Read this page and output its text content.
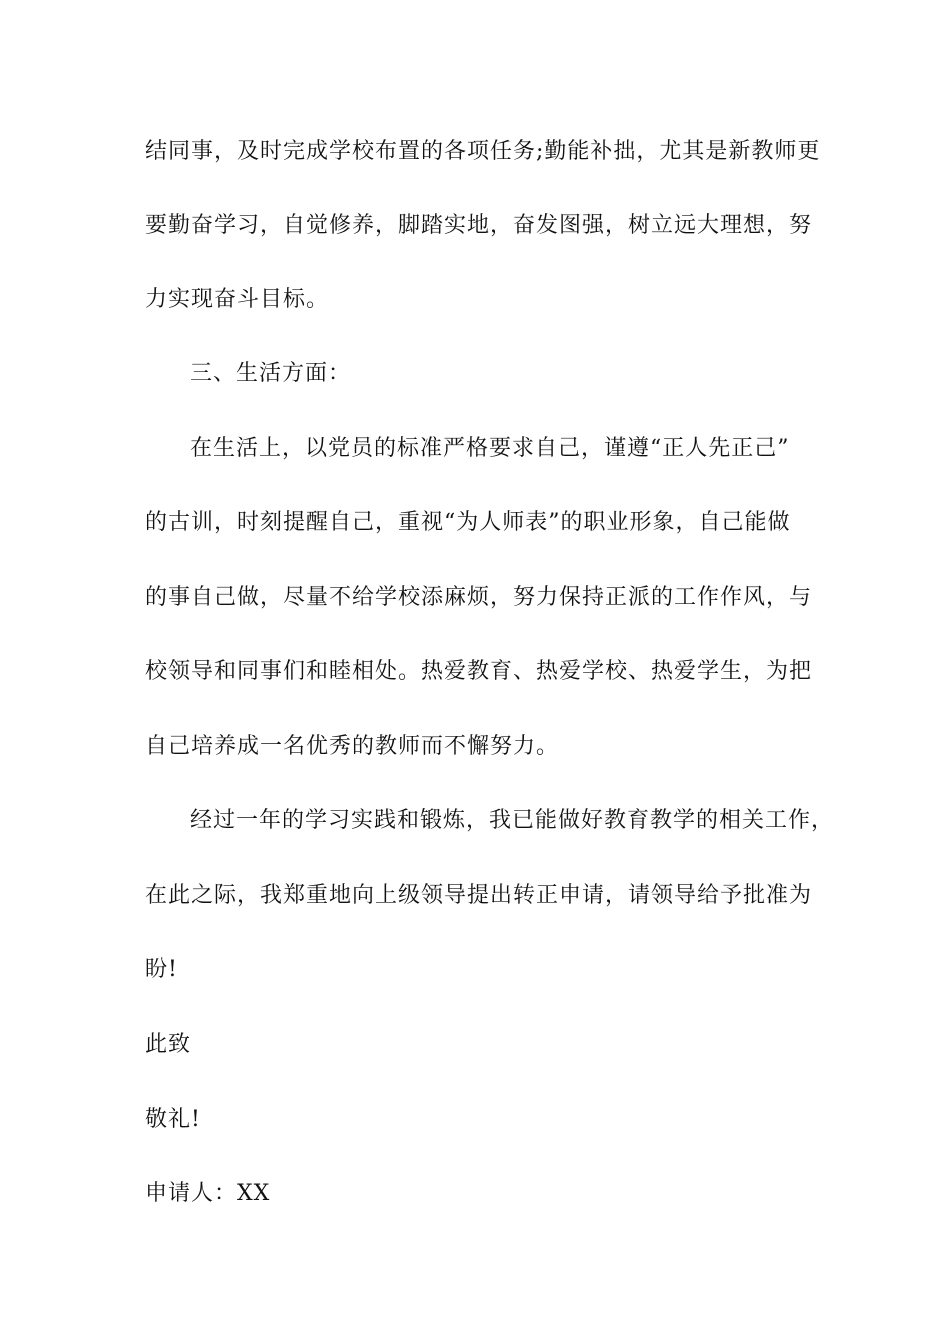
结同事，及时完成学校布置的各项任务;勤能补拙，尤其是新教师更
要勤奋学习，自觉修养，脚踏实地，奋发图强，树立远大理想，努
力实现奋斗目标。
三、生活方面：
在生活上，以党员的标准严格要求自己，谨遵“正人先正己”
的古训，时刻提醒自己，重视“为人师表”的职业形象，自己能做
的事自己做，尽量不给学校添麻烦，努力保持正派的工作作风，与
校领导和同事们和睦相处。热爱教育、热爱学校、热爱学生，为把
自己培养成一名优秀的教师而不懈努力。
经过一年的学习实践和锻炼，我已能做好教育教学的相关工作，
在此之际，我郑重地向上级领导提出转正申请，请领导给予批准为
盼!
此致
敬礼!
申请人：XX
